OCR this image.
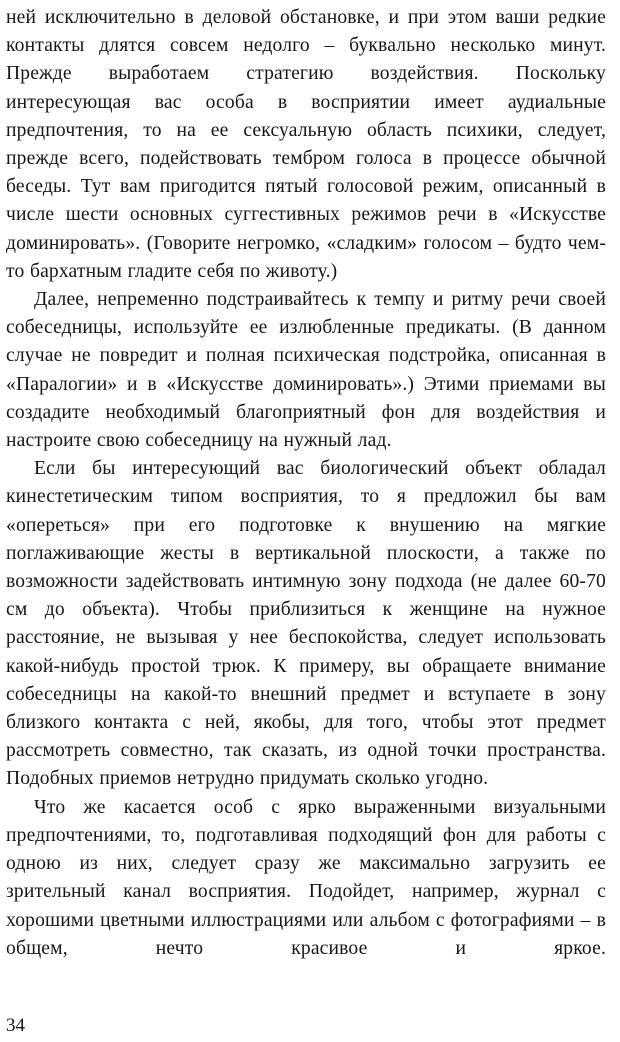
ней исключительно в деловой обстановке, и при этом ваши редкие контакты длятся совсем недолго – буквально несколько минут. Прежде выработаем стратегию воздействия. Поскольку интересующая вас особа в восприятии имеет аудиальные предпочтения, то на ее сексуальную область психики, следует, прежде всего, подействовать тембром голоса в процессе обычной беседы. Тут вам пригодится пятый голосовой режим, описанный в числе шести основных суггестивных режимов речи в «Искусстве доминировать». (Говорите негромко, «сладким» голосом – будто чем-то бархатным гладите себя по животу.)

Далее, непременно подстраивайтесь к темпу и ритму речи своей собеседницы, используйте ее излюбленные предикаты. (В данном случае не повредит и полная психическая подстройка, описанная в «Паралогии» и в «Искусстве доминировать».) Этими приемами вы создадите необходимый благоприятный фон для воздействия и настроите свою собеседницу на нужный лад.

Если бы интересующий вас биологический объект обладал кинестетическим типом восприятия, то я предложил бы вам «опереться» при его подготовке к внушению на мягкие поглаживающие жесты в вертикальной плоскости, а также по возможности задействовать интимную зону подхода (не далее 60-70 см до объекта). Чтобы приблизиться к женщине на нужное расстояние, не вызывая у нее беспокойства, следует использовать какой-нибудь простой трюк. К примеру, вы обращаете внимание собеседницы на какой-то внешний предмет и вступаете в зону близкого контакта с ней, якобы, для того, чтобы этот предмет рассмотреть совместно, так сказать, из одной точки пространства. Подобных приемов нетрудно придумать сколько угодно.

Что же касается особ с ярко выраженными визуальными предпочтениями, то, подготавливая подходящий фон для работы с одною из них, следует сразу же максимально загрузить ее зрительный канал восприятия. Подойдет, например, журнал с хорошими цветными иллюстрациями или альбом с фотографиями – в общем, нечто красивое и яркое.

34
